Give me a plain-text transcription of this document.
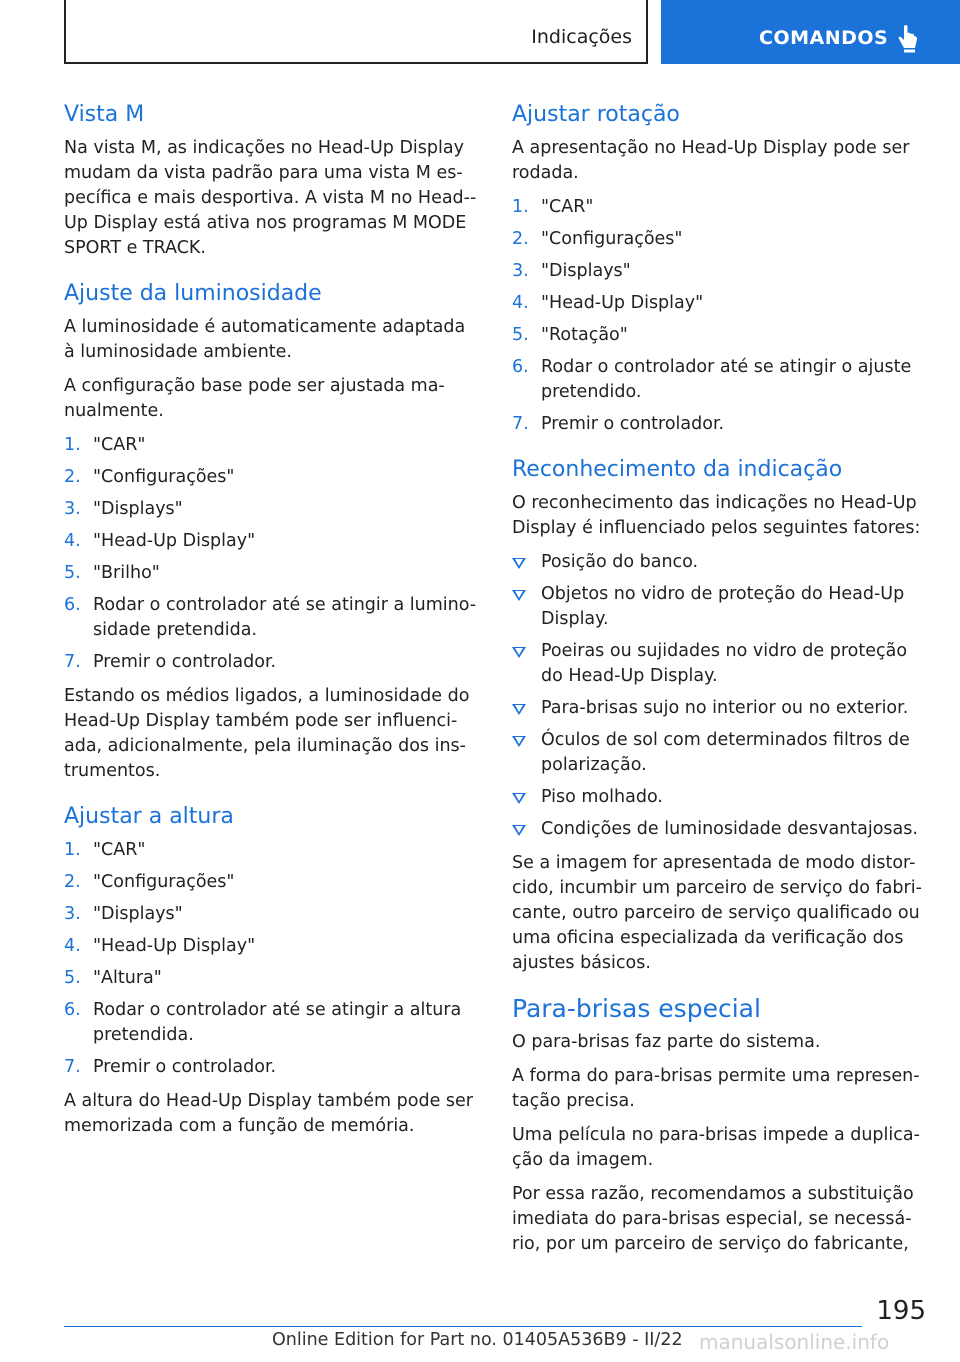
Indicações	COMANDOS
Vista M

Na vista M, as indicações no Head-Up Display mudam da vista padrão para uma vista M es-pecífica e mais desportiva. A vista M no Head--Up Display está ativa nos programas M MODE SPORT e TRACK.

Ajuste da luminosidade

A luminosidade é automaticamente adaptada à luminosidade ambiente.

A configuração base pode ser ajustada ma-nualmente.

1. "CAR"
2. "Configurações"
3. "Displays"
4. "Head-Up Display"
5. "Brilho"
6. Rodar o controlador até se atingir a lumino-sidade pretendida.
7. Premir o controlador.

Estando os médios ligados, a luminosidade do Head-Up Display também pode ser influenci-ada, adicionalmente, pela iluminação dos ins-trumentos.

Ajustar a altura
1. "CAR"
2. "Configurações"
3. "Displays"
4. "Head-Up Display"
5. "Altura"
6. Rodar o controlador até se atingir a altura pretendida.
7. Premir o controlador.

A altura do Head-Up Display também pode ser memorizada com a função de memória.

Ajustar rotação

A apresentação no Head-Up Display pode ser rodada.

1. "CAR"
2. "Configurações"
3. "Displays"
4. "Head-Up Display"
5. "Rotação"
6. Rodar o controlador até se atingir o ajuste pretendido.
7. Premir o controlador.
Reconhecimento da indicação

O reconhecimento das indicações no Head-Up Display é influenciado pelos seguintes fatores:

Posição do banco.
Objetos no vidro de proteção do Head-Up Display.
Poeiras ou sujidades no vidro de proteção do Head-Up Display.
Para-brisas sujo no interior ou no exterior.
Óculos de sol com determinados filtros de polarização.
Piso molhado.
Condições de luminosidade desvantajosas.

Se a imagem for apresentada de modo distor-cido, incumbir um parceiro de serviço do fabri-cante, outro parceiro de serviço qualificado ou uma oficina especializada da verificação dos ajustes básicos.

Para-brisas especial

O para-brisas faz parte do sistema.

A forma do para-brisas permite uma represen-tação precisa.

Uma película no para-brisas impede a duplica-ção da imagem.

Por essa razão, recomendamos a substituição imediata do para-brisas especial, se necessá-rio, por um parceiro de serviço do fabricante,

195
Online Edition for Part no. 01405A536B9 - II/22 manualsonline.info
